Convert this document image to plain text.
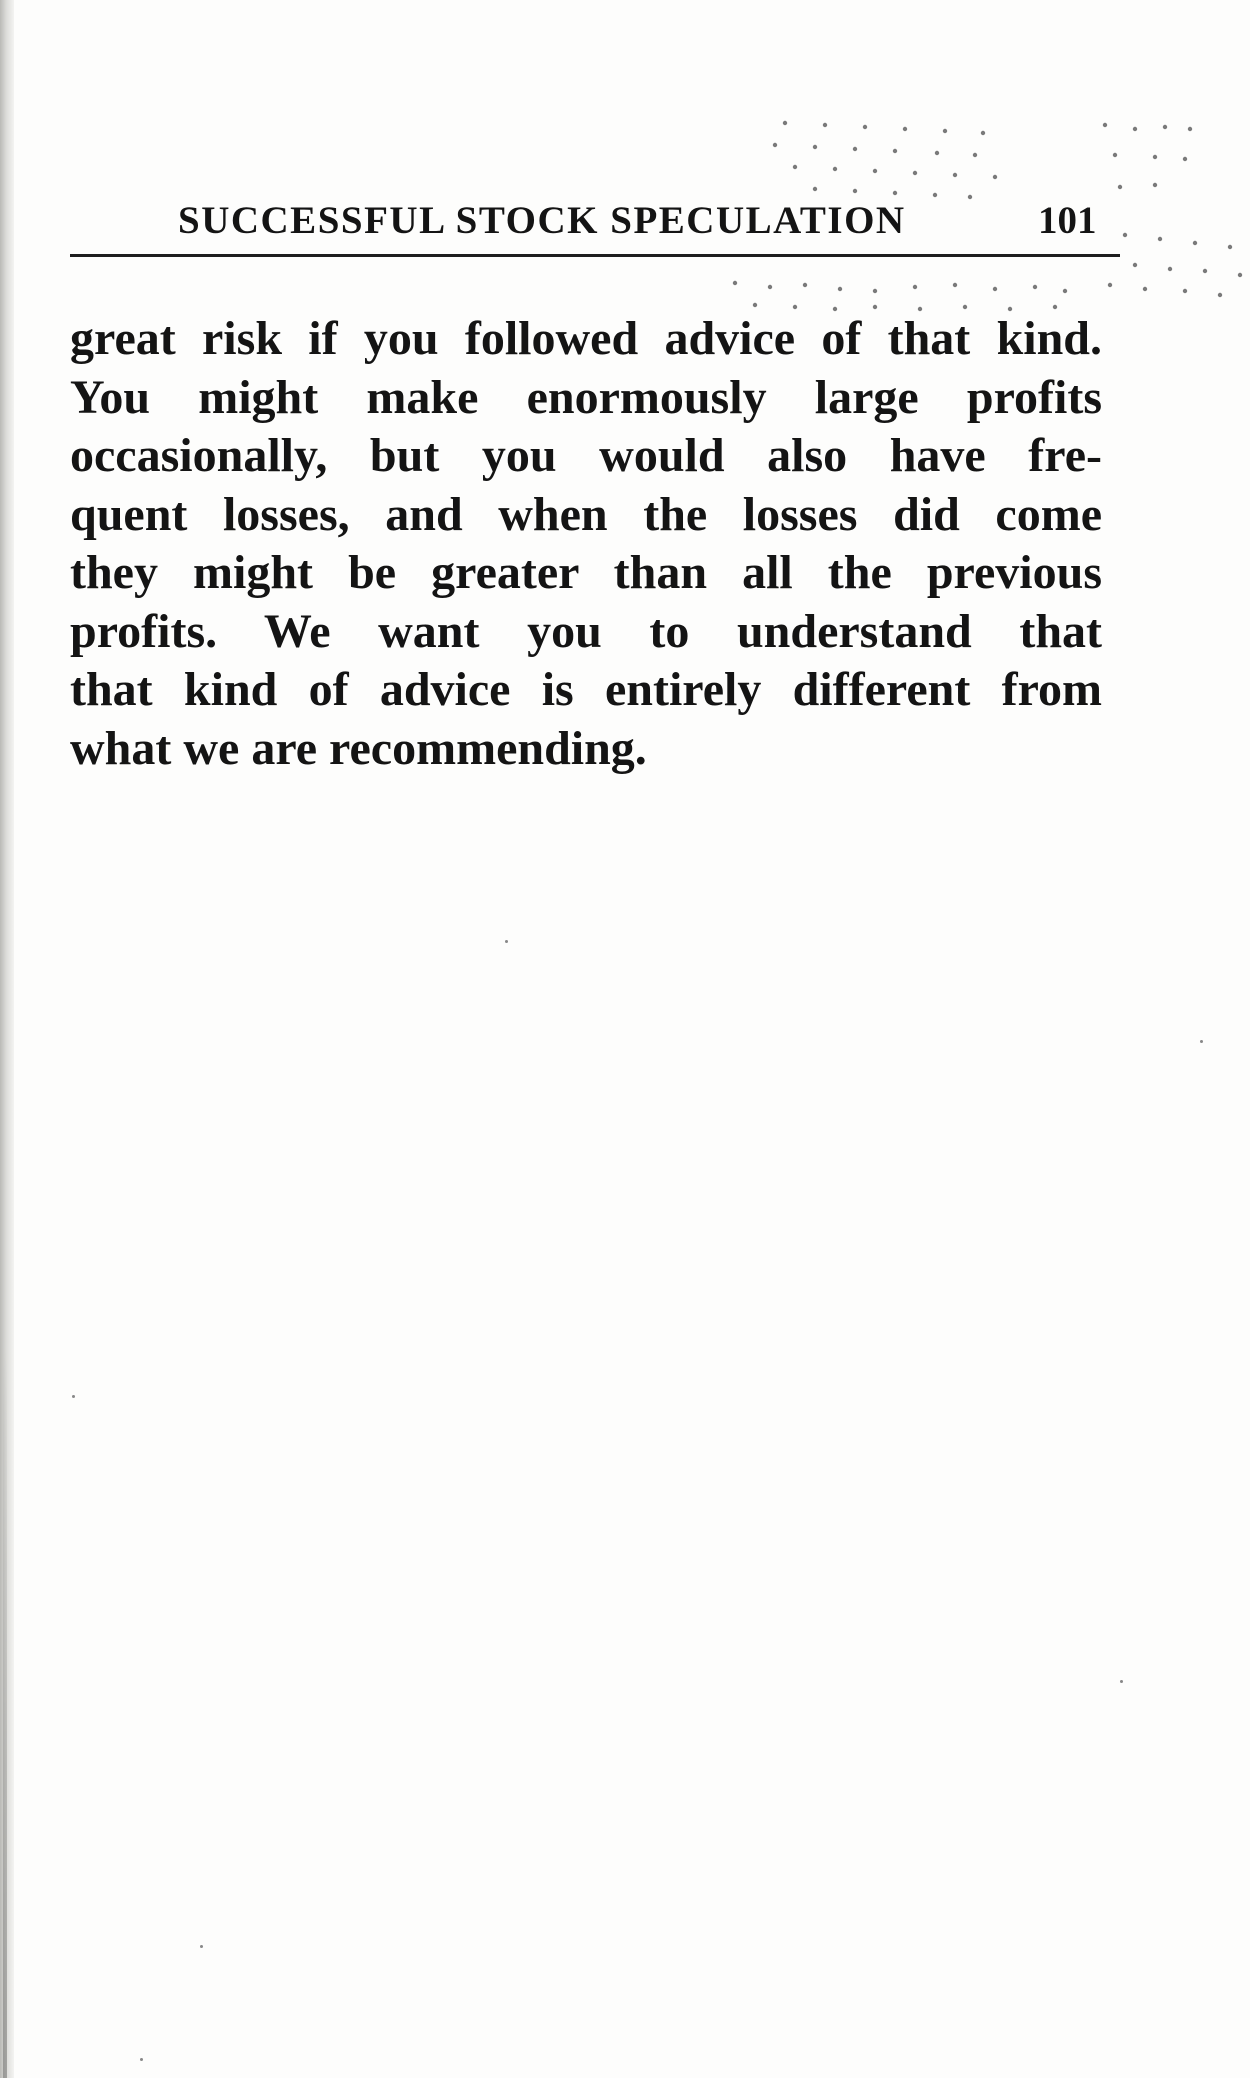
SUCCESSFUL STOCK SPECULATION	101
great risk if you followed advice of that kind.
You might make enormously large profits
occasionally, but you would also have fre-
quent losses, and when the losses did come
they might be greater than all the previous
profits. We want you to understand that
that kind of advice is entirely different from
what we are recommending.
